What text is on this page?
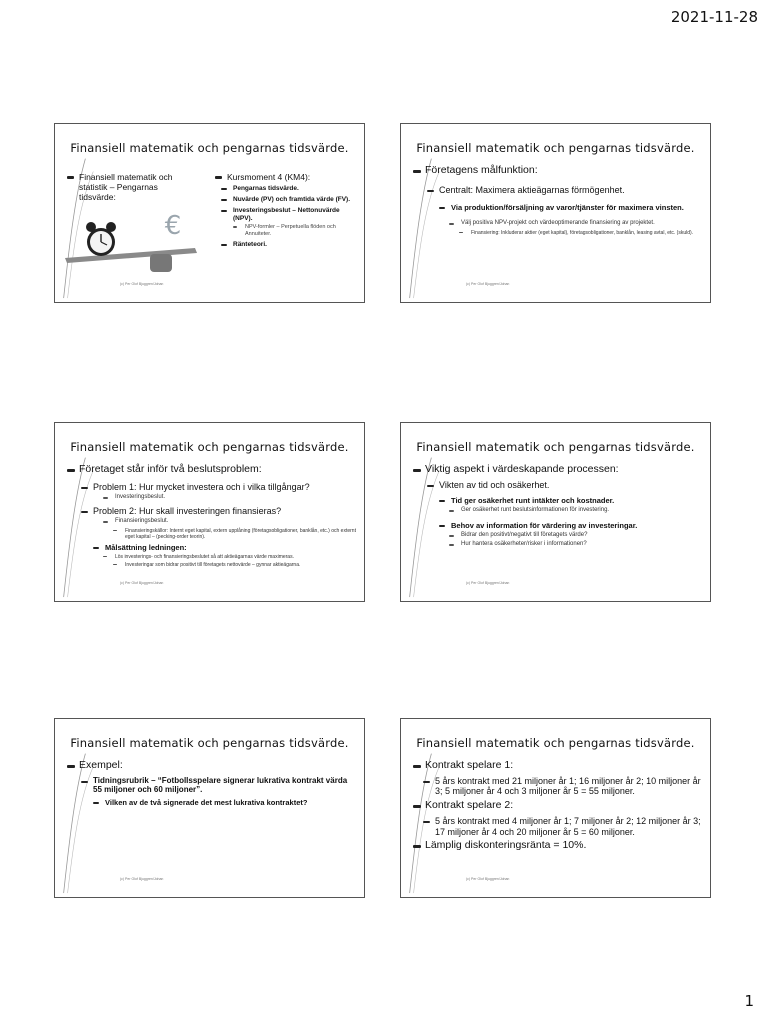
2021-11-28
Finansiell matematik och pengarnas tidsvärde.
Finansiell matematik och statistik – Pengarnas tidsvärde:
€
Kursmoment 4 (KM4):
Pengarnas tidsvärde.
Nuvärde (PV) och framtida värde (FV).
Investeringsbeslut – Nettonuvärde (NPV).
NPV-formler – Perpetuella flöden och Annuiteter.
Ränteteori.
(c) Per Olof Bjuggren/Johan
Finansiell matematik och pengarnas tidsvärde.
Företagens målfunktion:
Centralt: Maximera aktieägarnas förmögenhet.
Via produktion/försäljning av varor/tjänster för maximera vinsten.
Välj positiva NPV-projekt och värdeoptimerande finansiering av projektet.
Finansiering: Inkluderar aktier (eget kapital), företagsobligationer, banklån, leasing avtal, etc. (skuld).
(c) Per Olof Bjuggren/Johan
Finansiell matematik och pengarnas tidsvärde.
Företaget står inför två beslutsproblem:
Problem 1: Hur mycket investera och i vilka tillgångar?
Investeringsbeslut.
Problem 2: Hur skall investeringen finansieras?
Finansieringsbeslut.
Finansieringskällor: Internt eget kapital, extern upplåning (företagsobligationer, banklån, etc.) och externt eget kapital – (pecking-order teorin).
Målsättning ledningen:
Lös investerings- och finansieringsbeslutet så att aktieägarnas värde maximeras.
Investeringar som bidrar positivt till företagets nettovärde – gynnar aktieägarna.
(c) Per Olof Bjuggren/Johan
Finansiell matematik och pengarnas tidsvärde.
Viktig aspekt i värdeskapande processen:
Vikten av tid och osäkerhet.
Tid ger osäkerhet runt intäkter och kostnader.
Ger osäkerhet runt beslutsinformationen för investering.
Behov av information för värdering av investeringar.
Bidrar den positivt/negativt till företagets värde?
Hur hantera osäkerheter/risker i informationen?
(c) Per Olof Bjuggren/Johan
Finansiell matematik och pengarnas tidsvärde.
Exempel:
Tidningsrubrik – “Fotbollsspelare signerar lukrativa kontrakt värda 55 miljoner och 60 miljoner”.
Vilken av de två signerade det mest lukrativa kontraktet?
(c) Per Olof Bjuggren/Johan
Finansiell matematik och pengarnas tidsvärde.
Kontrakt spelare 1:
5 års kontrakt med 21 miljoner år 1; 16 miljoner år 2; 10 miljoner år 3; 5 miljoner år 4 och 3 miljoner år 5 = 55 miljoner.
Kontrakt spelare 2:
5 års kontrakt med 4 miljoner år 1; 7 miljoner år 2; 12 miljoner år 3; 17 miljoner år 4 och 20 miljoner år 5 = 60 miljoner.
Lämplig diskonteringsränta = 10%.
(c) Per Olof Bjuggren/Johan
1
